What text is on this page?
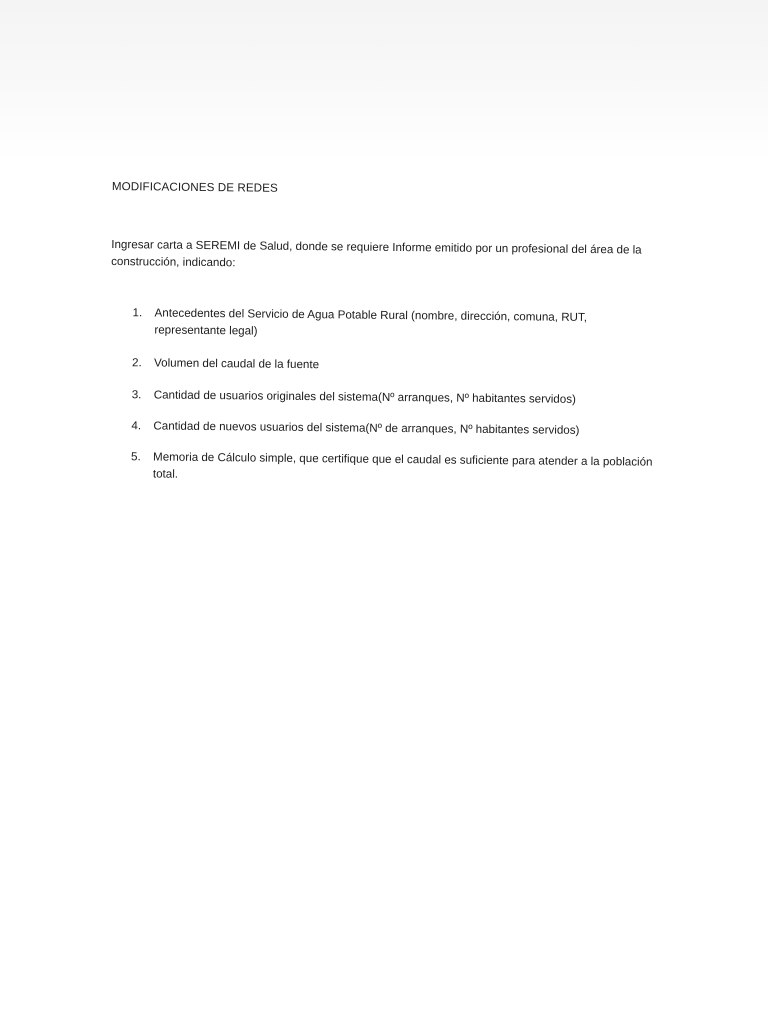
MODIFICACIONES DE REDES

Ingresar carta a SEREMI de Salud, donde se requiere Informe emitido por un profesional del área de la construcción, indicando:

1. Antecedentes del Servicio de Agua Potable Rural (nombre, dirección, comuna, RUT, representante legal)
2. Volumen del caudal de la fuente
3. Cantidad de usuarios originales del sistema(Nº arranques, Nº habitantes servidos)
4. Cantidad de nuevos usuarios del sistema(Nº de arranques, Nº habitantes servidos)
5. Memoria de Cálculo simple, que certifique que el caudal es suficiente para atender a la población total.
